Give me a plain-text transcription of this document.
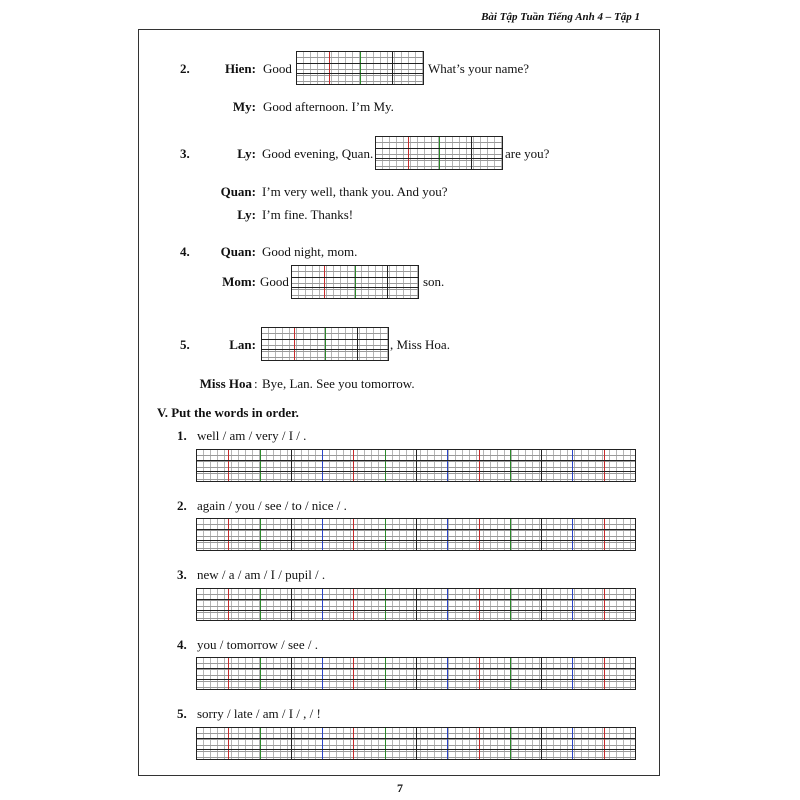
Bài Tập Tuần Tiếng Anh 4 – Tập 1
2.	Hien: Good	What’s your name?
My: Good afternoon. I’m My.
3.	Ly: Good evening, Quan.	are you?
Quan: I’m very well, thank you. And you?
Ly: I’m fine. Thanks!
4.	Quan: Good night, mom.
Mom: Good	son.
5.	Lan:	, Miss Hoa.
Miss Hoa : Bye, Lan. See you tomorrow.
V. Put the words in order.
1. well / am / very / I / .
2. again / you / see / to / nice / .
3. new / a / am / I / pupil / .
4. you / tomorrow / see / .
5. sorry / late / am / I / , / !
7
